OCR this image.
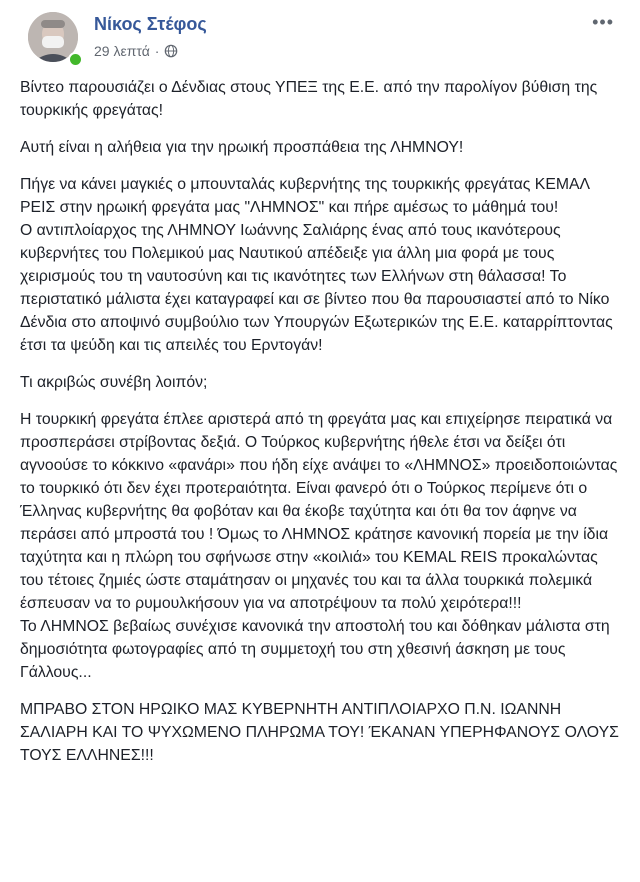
Νίκος Στέφος
29 λεπτά ·
•••

Βίντεο παρουσιάζει ο Δένδιας στους ΥΠΕΞ της Ε.Ε. από την παρολίγον βύθιση της τουρκικής φρεγάτας!

Αυτή είναι η αλήθεια για την ηρωική προσπάθεια της ΛΗΜΝΟΥ!

Πήγε να κάνει μαγκιές ο μπουνταλάς κυβερνήτης της τουρκικής φρεγάτας KEMAΛ ΡΕΙΣ στην ηρωική φρεγάτα μας "ΛΗΜΝΟΣ" και πήρε αμέσως το μάθημά του!
Ο αντιπλοίαρχος της ΛΗΜΝΟΥ Ιωάννης Σαλιάρης ένας από τους ικανότερους κυβερνήτες του Πολεμικού μας Ναυτικού απέδειξε για άλλη μια φορά με τους χειρισμούς του τη ναυτοσύνη και τις ικανότητες των Ελλήνων στη θάλασσα! Το περιστατικό μάλιστα έχει καταγραφεί και σε βίντεο που θα παρουσιαστεί από το Νίκο Δένδια στο αποψινό συμβούλιο των Υπουργών Εξωτερικών της Ε.Ε. καταρρίπτοντας έτσι τα ψεύδη και τις απειλές του Ερντογάν!

Τι ακριβώς συνέβη λοιπόν;

Η τουρκική φρεγάτα έπλεε αριστερά από τη φρεγάτα μας και επιχείρησε πειρατικά να προσπεράσει στρίβοντας δεξιά. Ο Τούρκος κυβερνήτης ήθελε έτσι να δείξει ότι αγνοούσε το κόκκινο «φανάρι» που ήδη είχε ανάψει το «ΛΗΜΝΟΣ» προειδοποιώντας το τουρκικό ότι δεν έχει προτεραιότητα. Είναι φανερό ότι ο Τούρκος περίμενε ότι ο Έλληνας κυβερνήτης θα φοβόταν και θα έκοβε ταχύτητα και ότι θα τον άφηνε να περάσει από μπροστά του ! Όμως το ΛΗΜΝΟΣ κράτησε κανονική πορεία με την ίδια ταχύτητα και η πλώρη του σφήνωσε στην «κοιλιά» του KEMAL REIS προκαλώντας του τέτοιες ζημιές ώστε σταμάτησαν οι μηχανές του και τα άλλα τουρκικά πολεμικά έσπευσαν να το ρυμουλκήσουν για να αποτρέψουν τα πολύ χειρότερα!!!
Το ΛΗΜΝΟΣ βεβαίως συνέχισε κανονικά την αποστολή του και δόθηκαν μάλιστα στη δημοσιότητα φωτογραφίες από τη συμμετοχή του στη χθεσινή άσκηση με τους Γάλλους...

ΜΠΡΑΒΟ ΣΤΟΝ ΗΡΩΙΚΟ ΜΑΣ ΚΥΒΕΡΝΗΤΗ ΑΝΤΙΠΛΟΙΑΡΧΟ Π.Ν. ΙΩΑΝΝΗ ΣΑΛΙΑΡΗ ΚΑΙ ΤΟ ΨΥΧΩΜΕΝΟ ΠΛΗΡΩΜΑ ΤΟΥ! ΈΚΑΝΑΝ ΥΠΕΡΗΦΑΝΟΥΣ ΟΛΟΥΣ ΤΟΥΣ ΕΛΛΗΝΕΣ!!!
